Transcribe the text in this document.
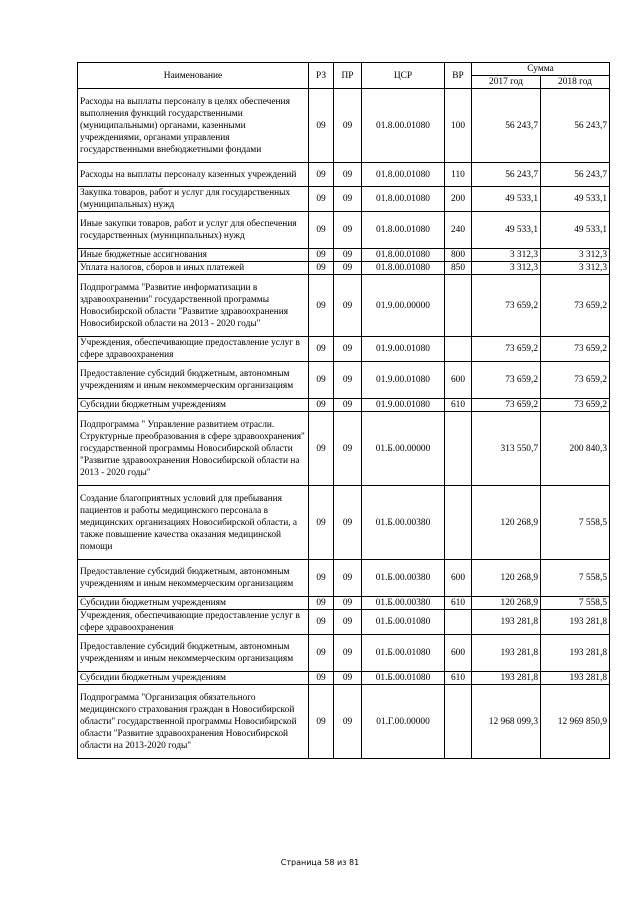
Наименование	РЗ	ПР	ЦСР	ВР	Сумма	
					2017 год	2018 год
Расходы на выплаты персоналу в целях обеспечения выполнения функций государственными (муниципальными) органами, казенными учреждениями, органами управления государственными внебюджетными фондами	09	09	01.8.00.01080	100	56 243,7	56 243,7
Расходы на выплаты персоналу казенных учреждений	09	09	01.8.00.01080	110	56 243,7	56 243,7
Закупка товаров, работ и услуг для государственных (муниципальных) нужд	09	09	01.8.00.01080	200	49 533,1	49 533,1
Иные закупки товаров, работ и услуг для обеспечения государственных (муниципальных) нужд	09	09	01.8.00.01080	240	49 533,1	49 533,1
Иные бюджетные ассигнования	09	09	01.8.00.01080	800	3 312,3	3 312,3
Уплата налогов, сборов и иных платежей	09	09	01.8.00.01080	850	3 312,3	3 312,3
Подпрограмма "Развитие информатизации в здравоохранении" государственной программы Новосибирской области "Развитие здравоохранения Новосибирской области на 2013 - 2020 годы"	09	09	01.9.00.00000		73 659,2	73 659,2
Учреждения, обеспечивающие предоставление услуг в сфере здравоохранения	09	09	01.9.00.01080		73 659,2	73 659,2
Предоставление субсидий бюджетным, автономным учреждениям и иным некоммерческим организациям	09	09	01.9.00.01080	600	73 659,2	73 659,2
Субсидии бюджетным учреждениям	09	09	01.9.00.01080	610	73 659,2	73 659,2
Подпрограмма " Управление развитием отрасли. Структурные преобразования в сфере здравоохранения" государственной программы Новосибирской области "Развитие здравоохранения Новосибирской области на 2013 - 2020 годы"	09	09	01.Б.00.00000		313 550,7	200 840,3
Создание благоприятных условий для пребывания пациентов и работы медицинского персонала в медицинских организациях Новосибирской области, а также повышение качества оказания медицинской помощи	09	09	01.Б.00.00380		120 268,9	7 558,5
Предоставление субсидий бюджетным, автономным учреждениям и иным некоммерческим организациям	09	09	01.Б.00.00380	600	120 268,9	7 558,5
Субсидии бюджетным учреждениям	09	09	01.Б.00.00380	610	120 268,9	7 558,5
Учреждения, обеспечивающие предоставление услуг в сфере здравоохранения	09	09	01.Б.00.01080		193 281,8	193 281,8
Предоставление субсидий бюджетным, автономным учреждениям и иным некоммерческим организациям	09	09	01.Б.00.01080	600	193 281,8	193 281,8
Субсидии бюджетным учреждениям	09	09	01.Б.00.01080	610	193 281,8	193 281,8
Подпрограмма "Организация обязательного медицинского страхования граждан в Новосибирской области" государственной программы Новосибирской области "Развитие здравоохранения Новосибирской области на 2013-2020 годы"	09	09	01.Г.00.00000		12 968 099,3	12 969 850,9
Страница 58 из 81
